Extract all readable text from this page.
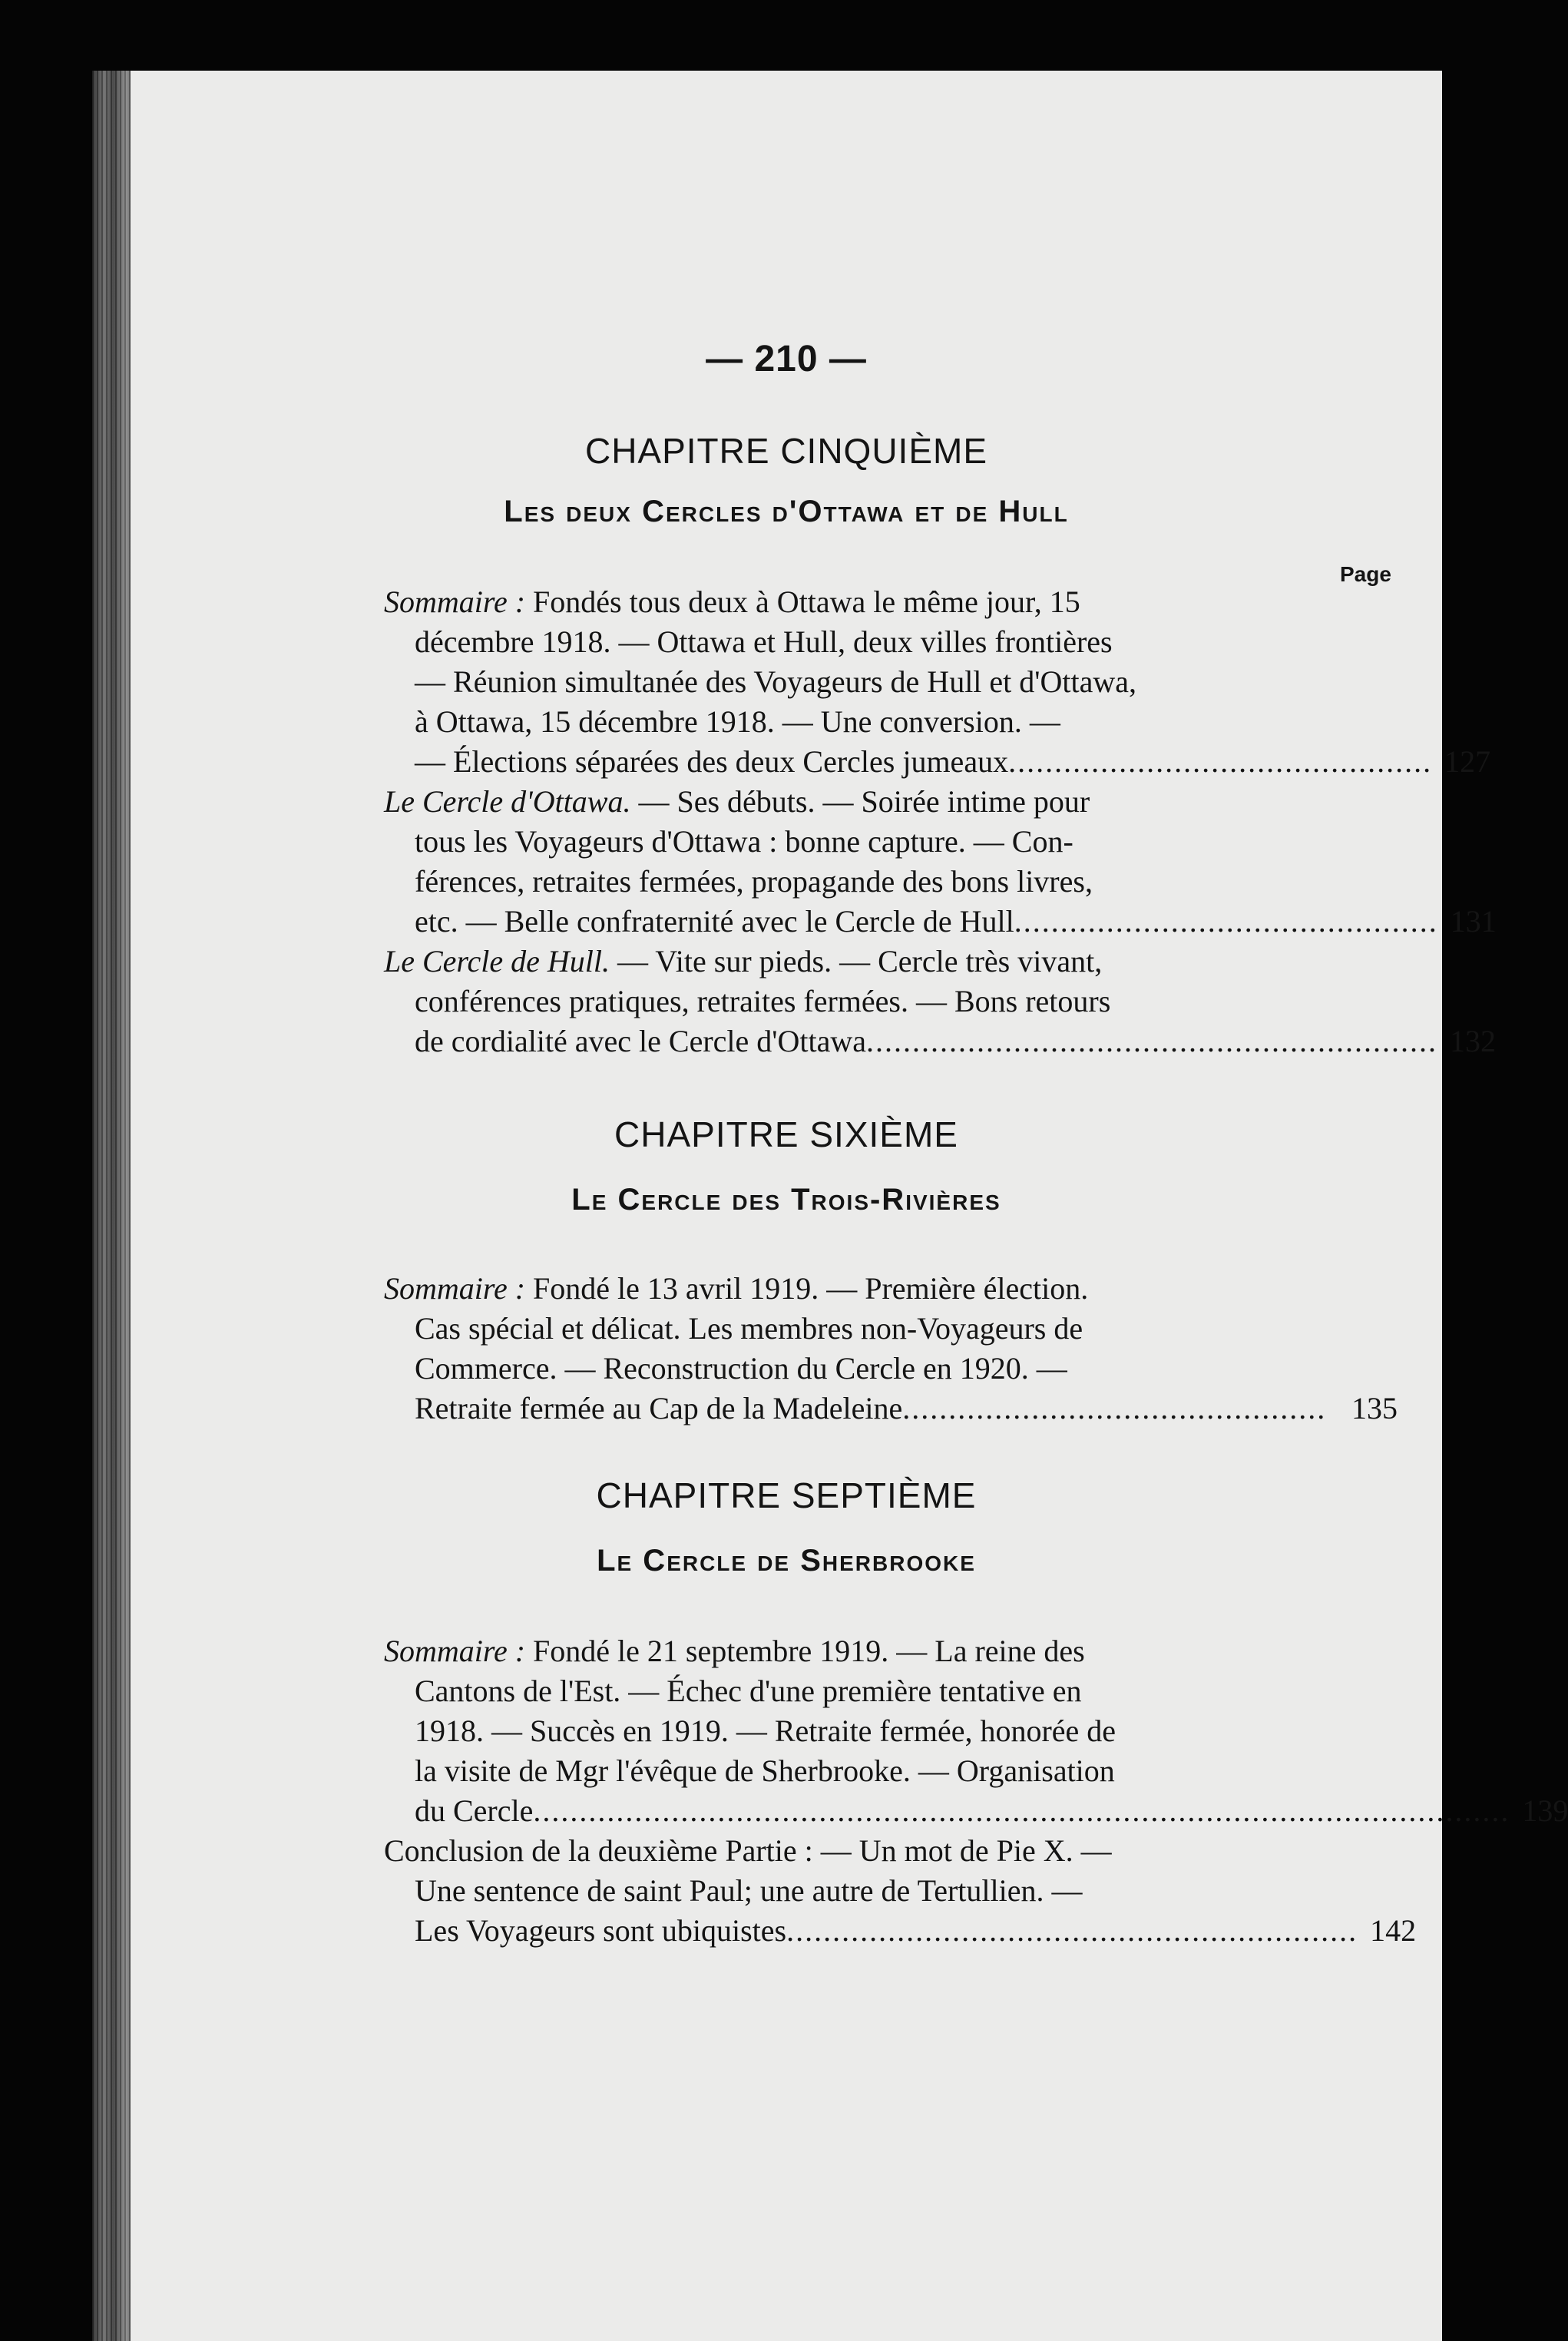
— 210 —
CHAPITRE CINQUIÈME
Les deux Cercles d'Ottawa et de Hull
Page
Sommaire : Fondés tous deux à Ottawa le même jour, 15
décembre 1918. — Ottawa et Hull, deux villes frontières
— Réunion simultanée des Voyageurs de Hull et d'Ottawa,
à Ottawa, 15 décembre 1918. — Une conversion. —
— Élections séparées des deux Cercles jumeaux .............................................. 127
Le Cercle d'Ottawa. — Ses débuts. — Soirée intime pour
tous les Voyageurs d'Ottawa : bonne capture. — Con-
férences, retraites fermées, propagande des bons livres,
etc. — Belle confraternité avec le Cercle de Hull .............................................. 131
Le Cercle de Hull. — Vite sur pieds. — Cercle très vivant,
conférences pratiques, retraites fermées. — Bons retours
de cordialité avec le Cercle d'Ottawa .............................................................. 132
CHAPITRE SIXIÈME
Le Cercle des Trois-Rivières
Sommaire : Fondé le 13 avril 1919. — Première élection.
Cas spécial et délicat. Les membres non-Voyageurs de
Commerce. — Reconstruction du Cercle en 1920. —
Retraite fermée au Cap de la Madeleine .............................................. 135
CHAPITRE SEPTIÈME
Le Cercle de Sherbrooke
Sommaire : Fondé le 21 septembre 1919. — La reine des
Cantons de l'Est. — Échec d'une première tentative en
1918. — Succès en 1919. — Retraite fermée, honorée de
la visite de Mgr l'évêque de Sherbrooke. — Organisation
du Cercle .......................................................................................................... 139
Conclusion de la deuxième Partie : — Un mot de Pie X. —
Une sentence de saint Paul; une autre de Tertullien. —
Les Voyageurs sont ubiquistes .............................................................. 142
